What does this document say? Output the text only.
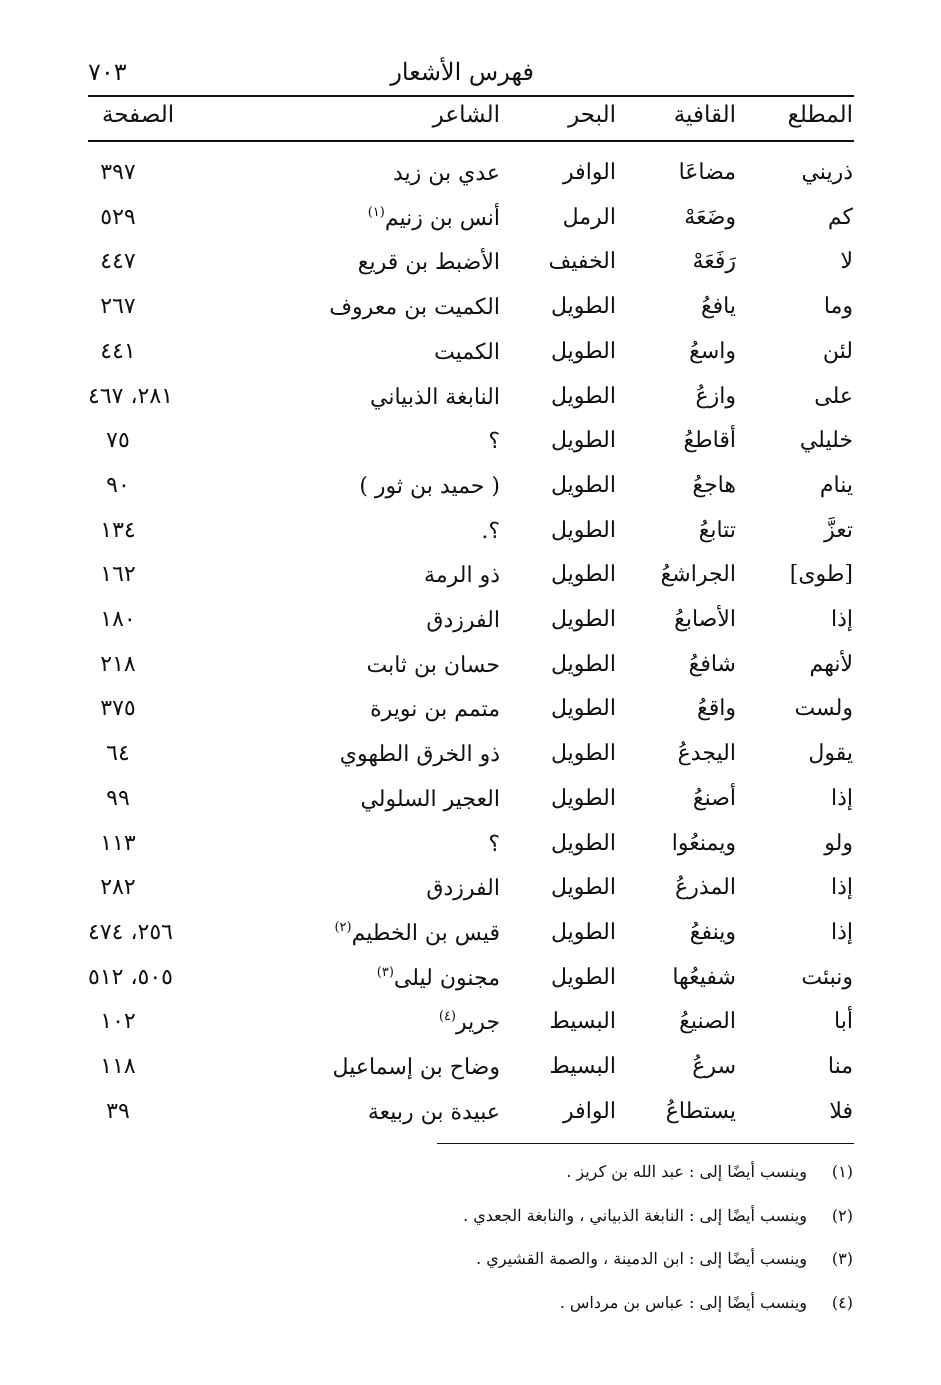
٧٠٣	فهرس الأشعار
المطلع
القافية
البحر
الشاعر
الصفحة
ذريني
مضاعَا
الوافر
عدي بن زيد
٣٩٧
كم
وضَعَهْ
الرمل
أنس بن زنيم$^{(١)}$
٥٢٩
لا
رَفَعَهْ
الخفيف
الأضبط بن قريع
٤٤٧
وما
يافعُ
الطويل
الكميت بن معروف
٢٦٧
لئن
واسعُ
الطويل
الكميت
٤٤١
على
وازعُ
الطويل
النابغة الذبياني
٢٨١، ٤٦٧
خليلي
أقاطعُ
الطويل
؟
٧٥
ينام
هاجعُ
الطويل
( حميد بن ثور )
٩٠
تعزَّ
تتابعُ
الطويل
؟.
١٣٤
[طوى]
الجراشعُ
الطويل
ذو الرمة
١٦٢
إذا
الأصابعُ
الطويل
الفرزدق
١٨٠
لأنهم
شافعُ
الطويل
حسان بن ثابت
٢١٨
ولست
واقعُ
الطويل
متمم بن نويرة
٣٧٥
يقول
اليجدعُ
الطويل
ذو الخرق الطهوي
٦٤
إذا
أصنعُ
الطويل
العجير السلولي
٩٩
ولو
ويمنعُوا
الطويل
؟
١١٣
إذا
المذرعُ
الطويل
الفرزدق
٢٨٢
إذا
وينفعُ
الطويل
قيس بن الخطيم$^{(٢)}$
٢٥٦، ٤٧٤
ونبئت
شفيعُها
الطويل
مجنون ليلى$^{(٣)}$
٥٠٥، ٥١٢
أبا
الصنيعُ
البسيط
جرير$^{(٤)}$
١٠٢
منا
سرعُ
البسيط
وضاح بن إسماعيل
١١٨
فلا
يستطاعُ
الوافر
عبيدة بن ربيعة
٣٩
(١)وينسب أيضًا إلى : عبد الله بن كريز .
(٢)وينسب أيضًا إلى : النابغة الذبياني ، والنابغة الجعدي .
(٣)وينسب أيضًا إلى : ابن الدمينة ، والصمة القشيري .
(٤)وينسب أيضًا إلى : عباس بن مرداس .
